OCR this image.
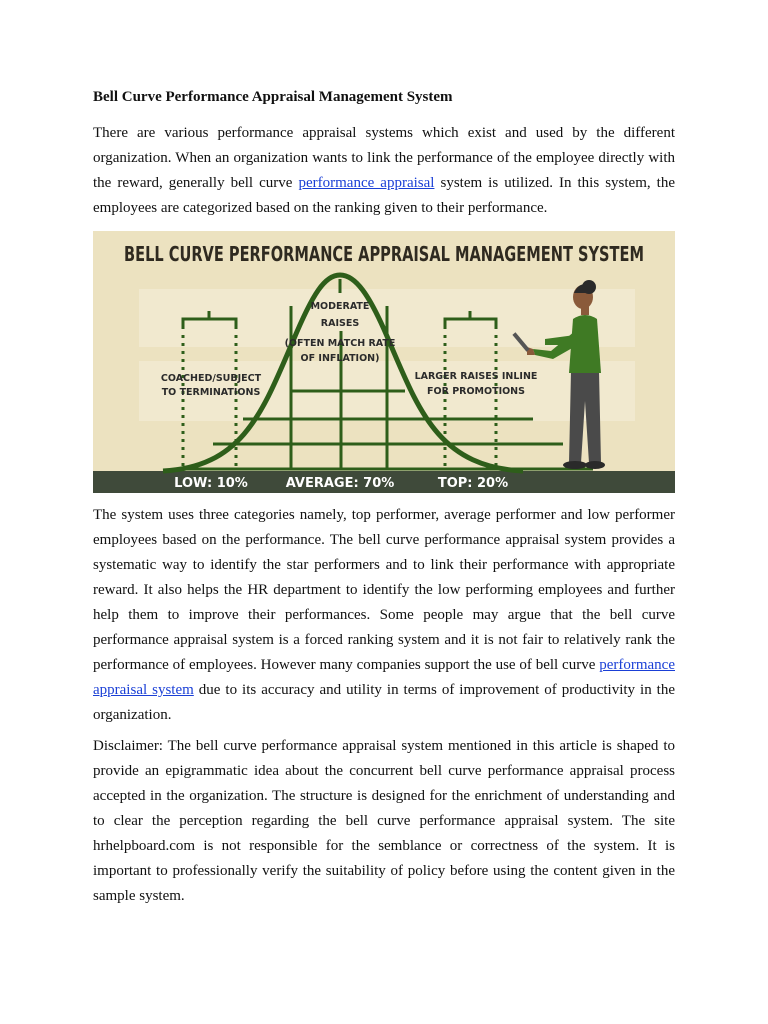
Bell Curve Performance Appraisal Management System

There are various performance appraisal systems which exist and used by the different organization. When an organization wants to link the performance of the employee directly with the reward, generally bell curve performance appraisal system is utilized. In this system, the employees are categorized based on the ranking given to their performance.

BELL CURVE PERFORMANCE APPRAISAL MANAGEMENT SYSTEM
COACHED/SUBJECT
TO TERMINATIONS
MODERATE
RAISES
(OFTEN MATCH RATE
OF INFLATION)
LARGER RAISES INLINE
FOR PROMOTIONS
LOW: 10%	AVERAGE: 70%	TOP: 20%

The system uses three categories namely, top performer, average performer and low performer employees based on the performance. The bell curve performance appraisal system provides a systematic way to identify the star performers and to link their performance with appropriate reward. It also helps the HR department to identify the low performing employees and further help them to improve their performances. Some people may argue that the bell curve performance appraisal system is a forced ranking system and it is not fair to relatively rank the performance of employees. However many companies support the use of bell curve performance appraisal system due to its accuracy and utility in terms of improvement of productivity in the organization.

Disclaimer: The bell curve performance appraisal system mentioned in this article is shaped to provide an epigrammatic idea about the concurrent bell curve performance appraisal process accepted in the organization. The structure is designed for the enrichment of understanding and to clear the perception regarding the bell curve performance appraisal system. The site hrhelpboard.com is not responsible for the semblance or correctness of the system. It is important to professionally verify the suitability of policy before using the content given in the sample system.
